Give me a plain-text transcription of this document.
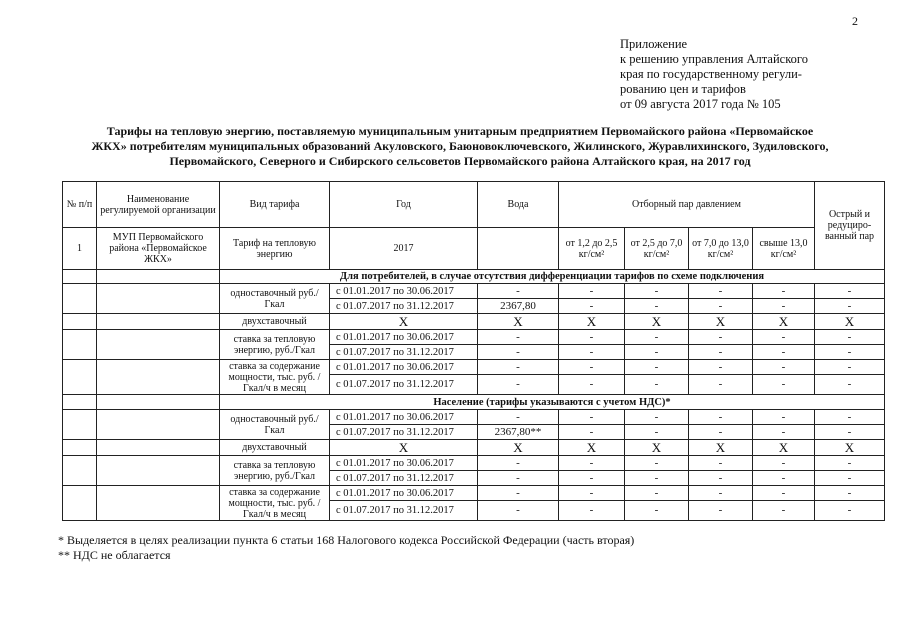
2
Приложение
к решению управления Алтайского
края по государственному регули-
рованию цен и тарифов
от 09 августа 2017 года № 105
Тарифы на тепловую энергию, поставляемую муниципальным унитарным предприятием Первомайского района «Первомайское
ЖКХ» потребителям муниципальных образований Акуловского, Баюновоключевского, Жилинского, Журавлихинского, Зудиловского,
Первомайского, Северного и Сибирского сельсоветов Первомайского района Алтайского края, на 2017 год
№ п/п	Наименование регулируемой организации	Вид тарифа	Год	Вода	Отборный пар давлением				Острый и редуциро-ванный пар
1	МУП Первомайского района «Первомайское ЖКХ»	Тариф на тепловую энергию	2017		от 1,2 до 2,5 кг/см²	от 2,5 до 7,0 кг/см²	от 7,0 до 13,0 кг/см²	свыше 13,0 кг/см²	
		Для потребителей, в случае отсутствия дифференциации тарифов по схеме подключения							
		одноставочный руб./Гкал	с 01.01.2017 по 30.06.2017	-	-	-	-	-	-
			с 01.07.2017 по 31.12.2017	2367,80	-	-	-	-	-
		двухставочный	X	X	X	X	X	X	X
		ставка за тепловую энергию, руб./Гкал	с 01.01.2017 по 30.06.2017	-	-	-	-	-	-
			с 01.07.2017 по 31.12.2017	-	-	-	-	-	-
		ставка за содержание мощности, тыс. руб. /Гкал/ч в месяц	с 01.01.2017 по 30.06.2017	-	-	-	-	-	-
			с 01.07.2017 по 31.12.2017	-	-	-	-	-	-
		Население (тарифы указываются с учетом НДС)*							
		одноставочный руб./Гкал	с 01.01.2017 по 30.06.2017	-	-	-	-	-	-
			с 01.07.2017 по 31.12.2017	2367,80**	-	-	-	-	-
		двухставочный	X	X	X	X	X	X	X
		ставка за тепловую энергию, руб./Гкал	с 01.01.2017 по 30.06.2017	-	-	-	-	-	-
			с 01.07.2017 по 31.12.2017	-	-	-	-	-	-
		ставка за содержание мощности, тыс. руб. /Гкал/ч в месяц	с 01.01.2017 по 30.06.2017	-	-	-	-	-	-
			с 01.07.2017 по 31.12.2017	-	-	-	-	-	-
* Выделяется в целях реализации пункта 6 статьи 168 Налогового кодекса Российской Федерации (часть вторая)
** НДС не облагается
